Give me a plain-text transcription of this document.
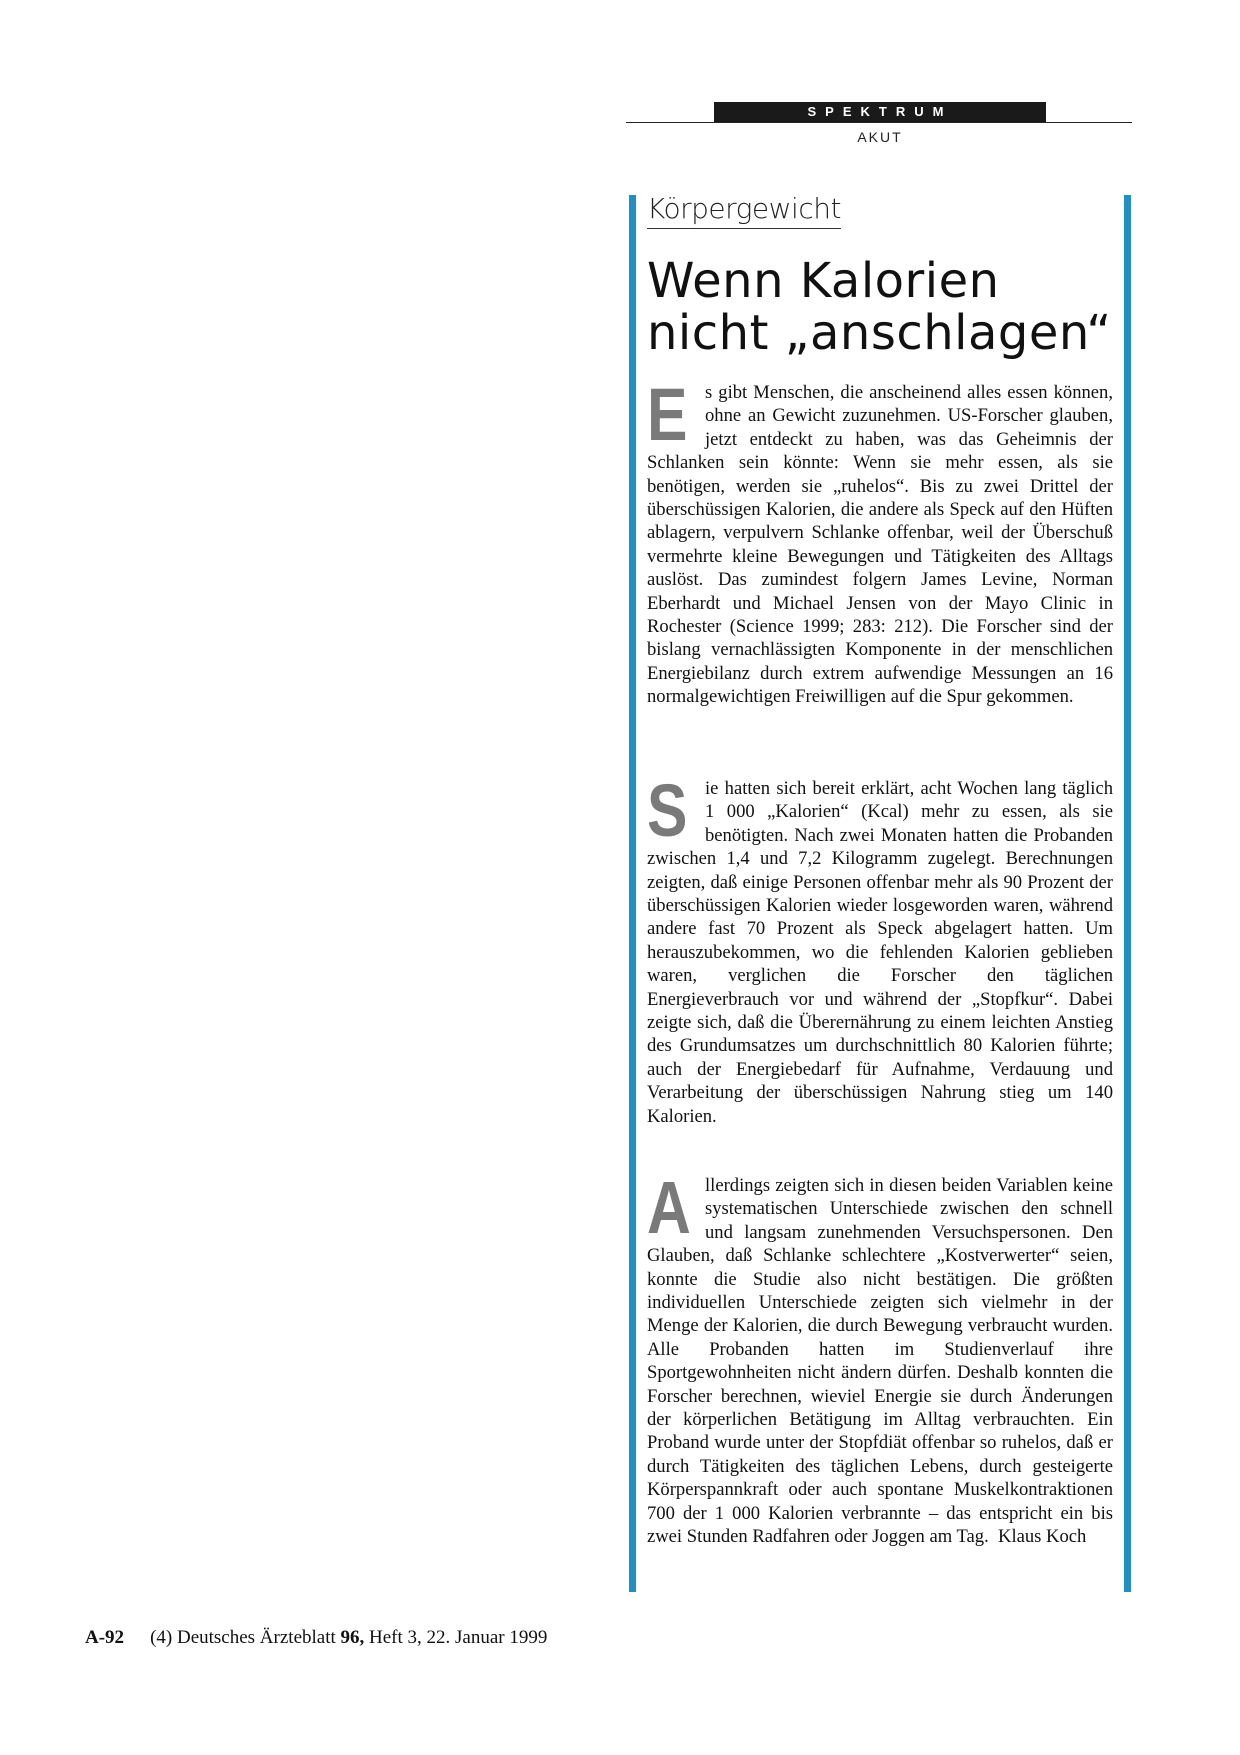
SPEKTRUM
AKUT
Körpergewicht
Wenn Kalorien
nicht „anschlagen“

Es gibt Menschen, die anscheinend alles essen können, ohne an Gewicht zuzunehmen. US-Forscher glauben, jetzt entdeckt zu haben, was das Geheimnis der Schlanken sein könnte: Wenn sie mehr essen, als sie benötigen, werden sie „ruhelos“. Bis zu zwei Drittel der überschüssigen Kalorien, die andere als Speck auf den Hüften ablagern, verpulvern Schlanke offenbar, weil der Überschuß vermehrte kleine Bewegungen und Tätigkeiten des Alltags auslöst. Das zumindest folgern James Levine, Norman Eberhardt und Michael Jensen von der Mayo Clinic in Rochester (Science 1999; 283: 212). Die Forscher sind der bislang vernachlässigten Komponente in der menschlichen Energiebilanz durch extrem aufwendige Messungen an 16 normalgewichtigen Freiwilligen auf die Spur gekommen.

Sie hatten sich bereit erklärt, acht Wochen lang täglich 1 000 „Kalorien“ (Kcal) mehr zu essen, als sie benötigten. Nach zwei Monaten hatten die Probanden zwischen 1,4 und 7,2 Kilogramm zugelegt. Berechnungen zeigten, daß einige Personen offenbar mehr als 90 Prozent der überschüssigen Kalorien wieder losgeworden waren, während andere fast 70 Prozent als Speck abgelagert hatten. Um herauszubekommen, wo die fehlenden Kalorien geblieben waren, verglichen die Forscher den täglichen Energieverbrauch vor und während der „Stopfkur“. Dabei zeigte sich, daß die Überernährung zu einem leichten Anstieg des Grundumsatzes um durchschnittlich 80 Kalorien führte; auch der Energiebedarf für Aufnahme, Verdauung und Verarbeitung der überschüssigen Nahrung stieg um 140 Kalorien.

Allerdings zeigten sich in diesen beiden Variablen keine systematischen Unterschiede zwischen den schnell und langsam zunehmenden Versuchspersonen. Den Glauben, daß Schlanke schlechtere „Kostverwerter“ seien, konnte die Studie also nicht bestätigen. Die größten individuellen Unterschiede zeigten sich vielmehr in der Menge der Kalorien, die durch Bewegung verbraucht wurden. Alle Probanden hatten im Studienverlauf ihre Sportgewohnheiten nicht ändern dürfen. Deshalb konnten die Forscher berechnen, wieviel Energie sie durch Änderungen der körperlichen Betätigung im Alltag verbrauchten. Ein Proband wurde unter der Stopfdiät offenbar so ruhelos, daß er durch Tätigkeiten des täglichen Lebens, durch gesteigerte Körperspannkraft oder auch spontane Muskelkontraktionen 700 der 1 000 Kalorien verbrannte – das entspricht ein bis zwei Stunden Radfahren oder Joggen am Tag. Klaus Koch

A-92 (4) Deutsches Ärzteblatt 96, Heft 3, 22. Januar 1999
